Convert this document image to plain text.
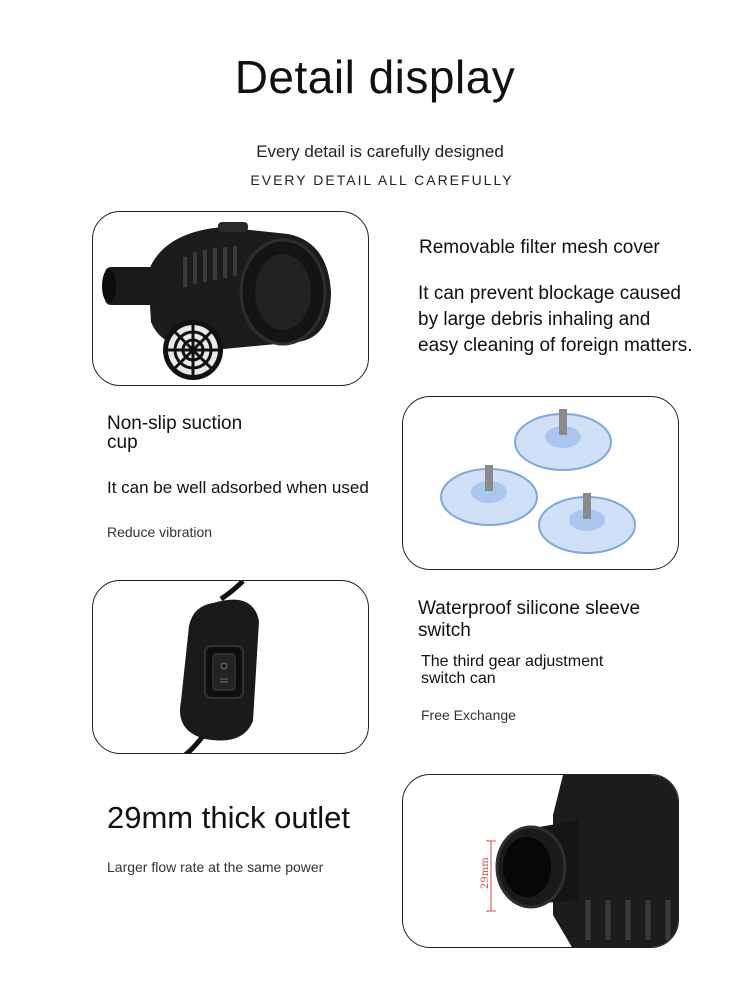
Detail display
Every detail is carefully designed
EVERY DETAIL ALL CAREFULLY
Removable filter mesh cover
It can prevent blockage caused
by large debris inhaling and
easy cleaning of foreign matters.
Non-slip suction
cup
It can be well adsorbed when used
Reduce vibration
Waterproof silicone sleeve
switch
The third gear adjustment
switch can
Free Exchange
29mm thick outlet
Larger flow rate at the same power	29mm
